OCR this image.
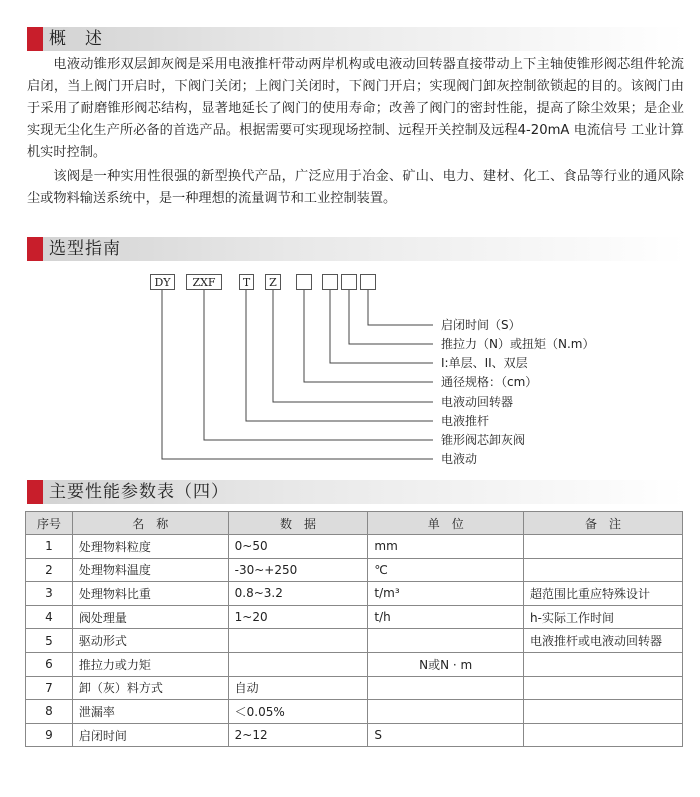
概　述

电液动锥形双层卸灰阀是采用电液推杆带动两岸机构或电液动回转器直接带动上下主轴使锥形阀芯组件轮流启闭，当上阀门开启时，下阀门关闭；上阀门关闭时，下阀门开启；实现阀门卸灰控制欲锁起的目的。该阀门由于采用了耐磨锥形阀芯结构，显著地延长了阀门的使用寿命；改善了阀门的密封性能，提高了除尘效果；是企业实现无尘化生产所必备的首选产品。根据需要可实现现场控制、远程开关控制及远程4-20mA 电流信号 工业计算机实时控制。

该阀是一种实用性很强的新型换代产品，广泛应用于冶金、矿山、电力、建材、化工、食品等行业的通风除尘或物料输送系统中，是一种理想的流量调节和工业控制装置。

选型指南
DY	ZXF	T	Z
启闭时间（S）
推拉力（N）或扭矩（N.m）
I:单层、II、双层
通径规格：（cm）
电液动回转器
电液推杆
锥形阀芯卸灰阀
电液动
主要性能参数表（四）
序号	名　称	数　据	单　位	备　注
1	处理物料粒度	0~50	mm	
2	处理物料温度	-30~+250	℃	
3	处理物料比重	0.8~3.2	t/m³	超范围比重应特殊设计
4	阀处理量	1~20	t/h	h-实际工作时间
5	驱动形式			电液推杆或电液动回转器
6	推拉力或力矩		N或N · m	
7	卸（灰）料方式	自动		
8	泄漏率	＜0.05%		
9	启闭时间	2~12	S	
